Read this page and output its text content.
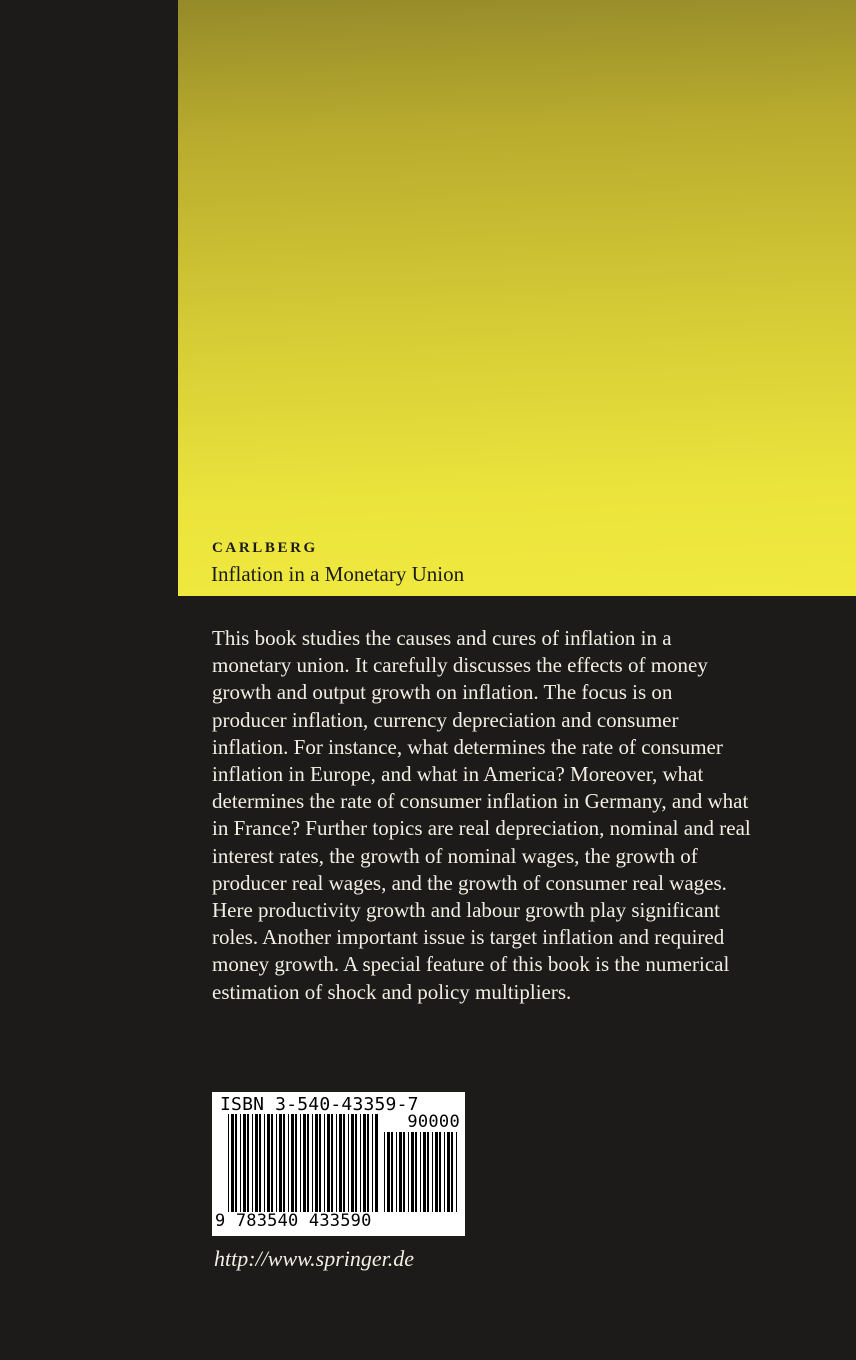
CARLBERG
Inflation in a Monetary Union
This book studies the causes and cures of inflation in a
monetary union. It carefully discusses the effects of money
growth and output growth on inflation. The focus is on
producer inflation, currency depreciation and consumer
inflation. For instance, what determines the rate of consumer
inflation in Europe, and what in America? Moreover, what
determines the rate of consumer inflation in Germany, and what
in France? Further topics are real depreciation, nominal and real
interest rates, the growth of nominal wages, the growth of
producer real wages, and the growth of consumer real wages.
Here productivity growth and labour growth play significant
roles. Another important issue is target inflation and required
money growth. A special feature of this book is the numerical
estimation of shock and policy multipliers.
ISBN 3-540-43359-7
90000
9 783540 433590
http://www.springer.de
